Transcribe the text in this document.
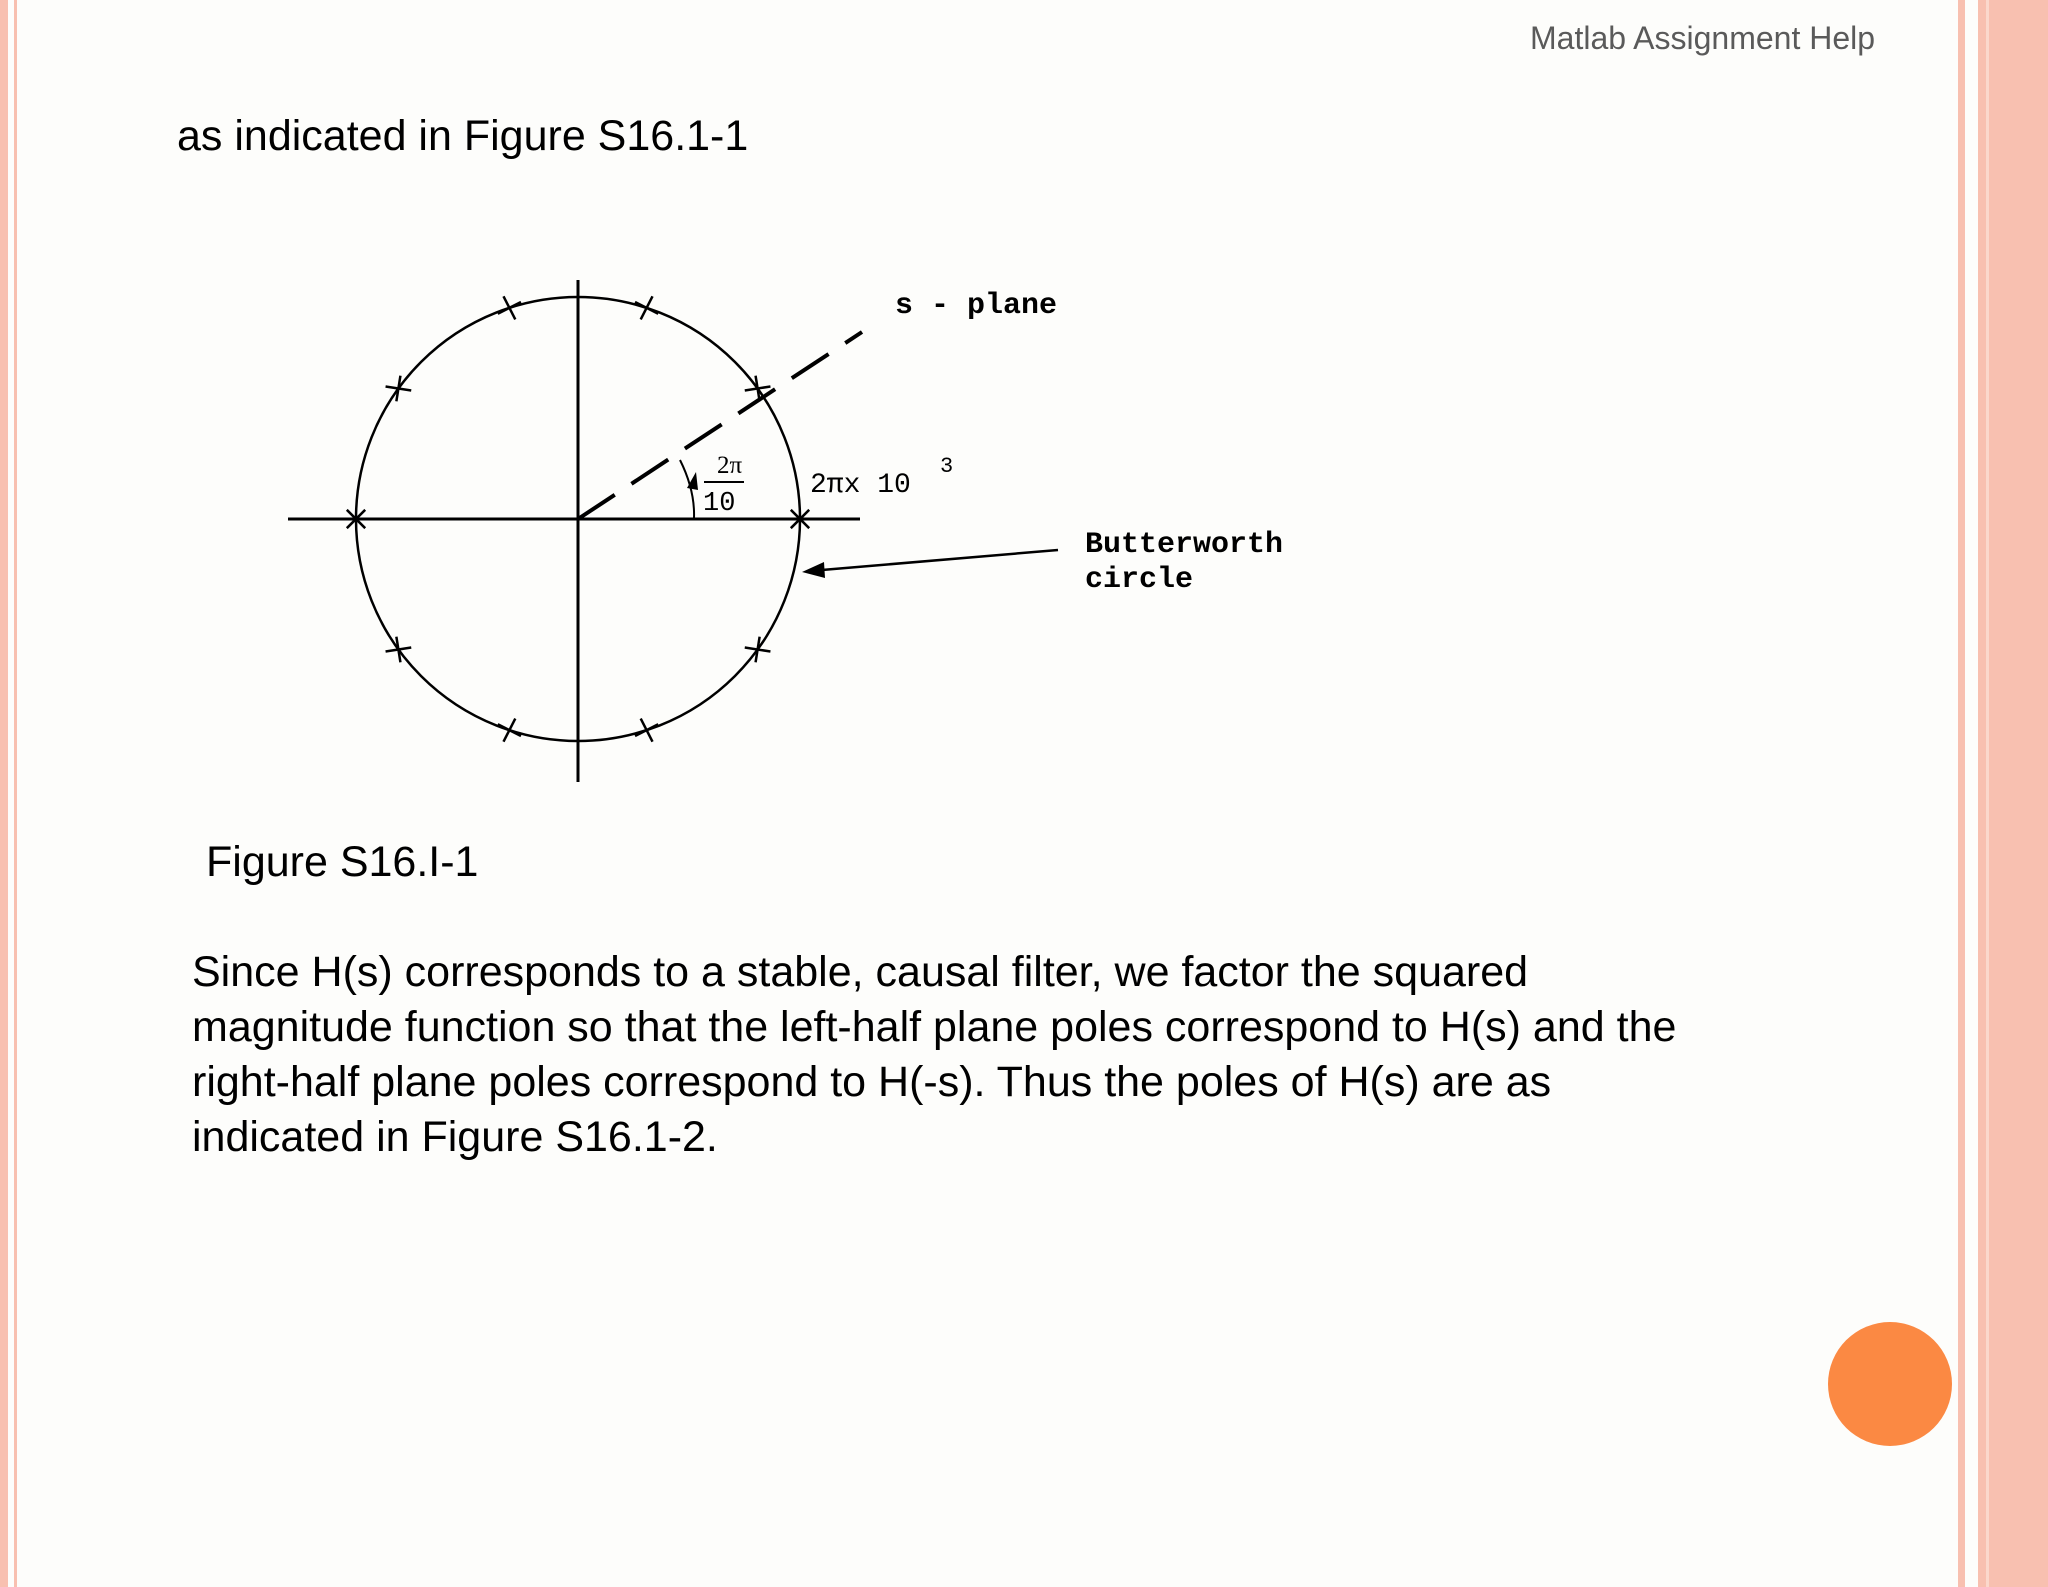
Matlab Assignment Help
as indicated in Figure S16.1-1
2π
10
2πx 10
3
s - plane
Butterworth
circle
Figure S16.I-1

Since H(s) corresponds to a stable, causal filter, we factor the squared

magnitude function so that the left-half plane poles correspond to H(s) and the

right-half plane poles correspond to H(-s). Thus the poles of H(s) are as

indicated in Figure S16.1-2.
